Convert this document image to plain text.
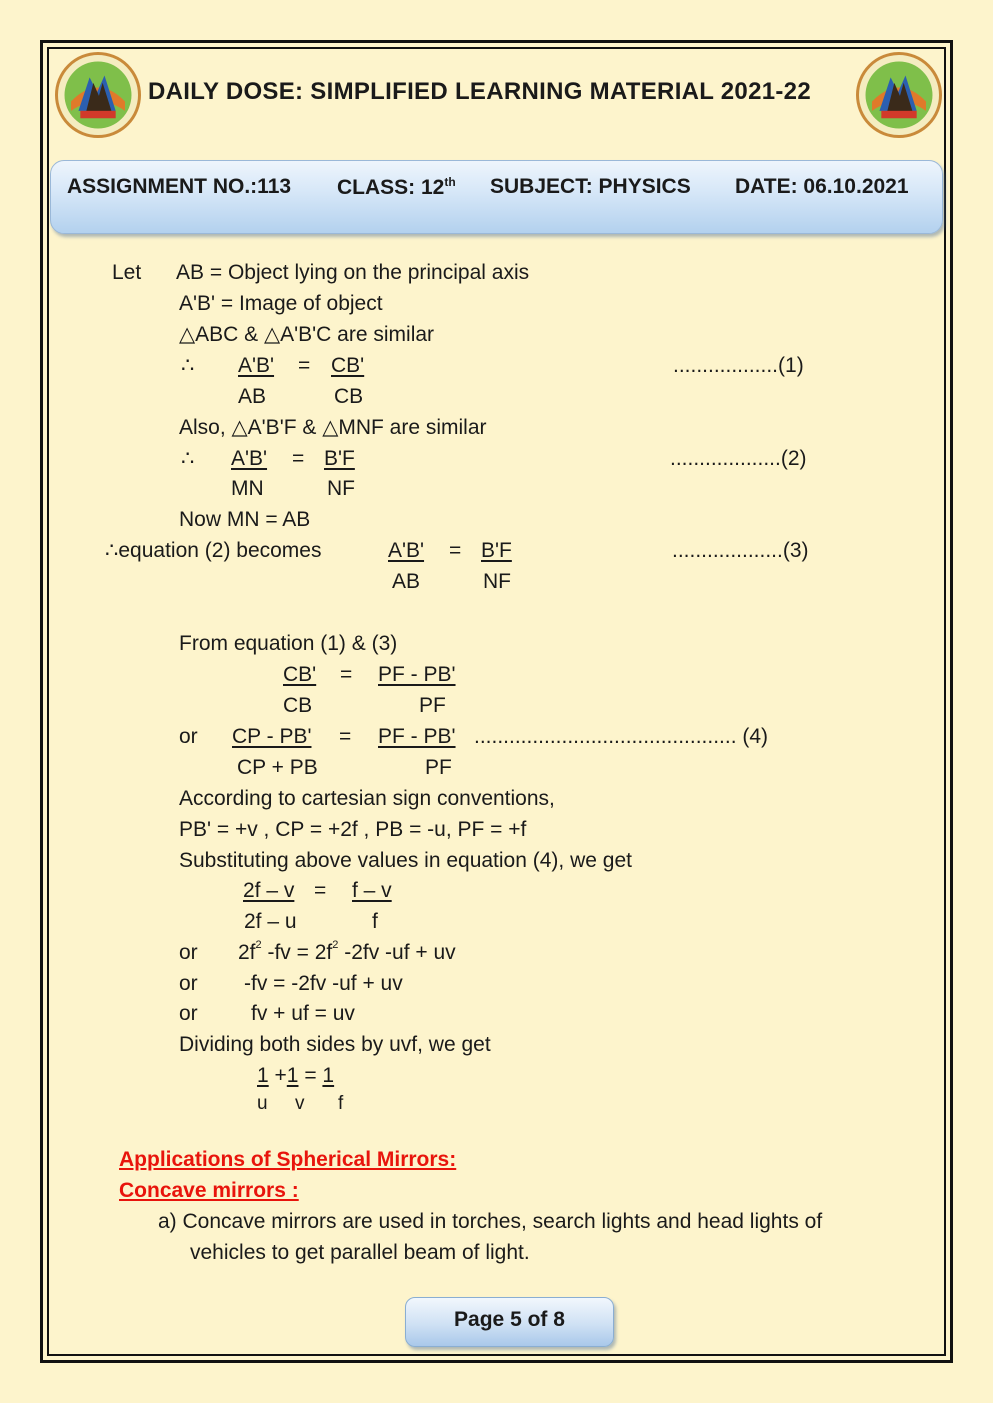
DAILY DOSE: SIMPLIFIED LEARNING MATERIAL 2021-22
ASSIGNMENT NO.:113 CLASS: 12th SUBJECT: PHYSICS DATE: 06.10.2021
Let AB = Object lying on the principal axis
A'B' = Image of object
△ABC & △A'B'C are similar
∴ A'B' = CB'	..................(1)
AB	CB
Also, △A'B'F & △MNF are similar
∴ A'B' = B'F	...................(2)
MN	NF
Now MN = AB
∴equation (2) becomes	A'B' = B'F	...................(3)
AB	NF
From equation (1) & (3)
CB' = PF - PB'
CB	PF
or CP - PB' = PF - PB' ............................................. (4)
CP + PB	PF
According to cartesian sign conventions,
PB' = +v , CP = +2f , PB = -u, PF = +f
Substituting above values in equation (4), we get
2f – v = f – v
2f – u	f
or $2f^2$ $-fv = 2f^2$ -2fv -uf + uv
or -fv = -2fv -uf + uv
or	fv + uf = uv
Dividing both sides by uvf, we get
1 +1 = 1
u v f
Applications of Spherical Mirrors:
Concave mirrors :
a) Concave mirrors are used in torches, search lights and head lights of
vehicles to get parallel beam of light.
Page 5 of 8
